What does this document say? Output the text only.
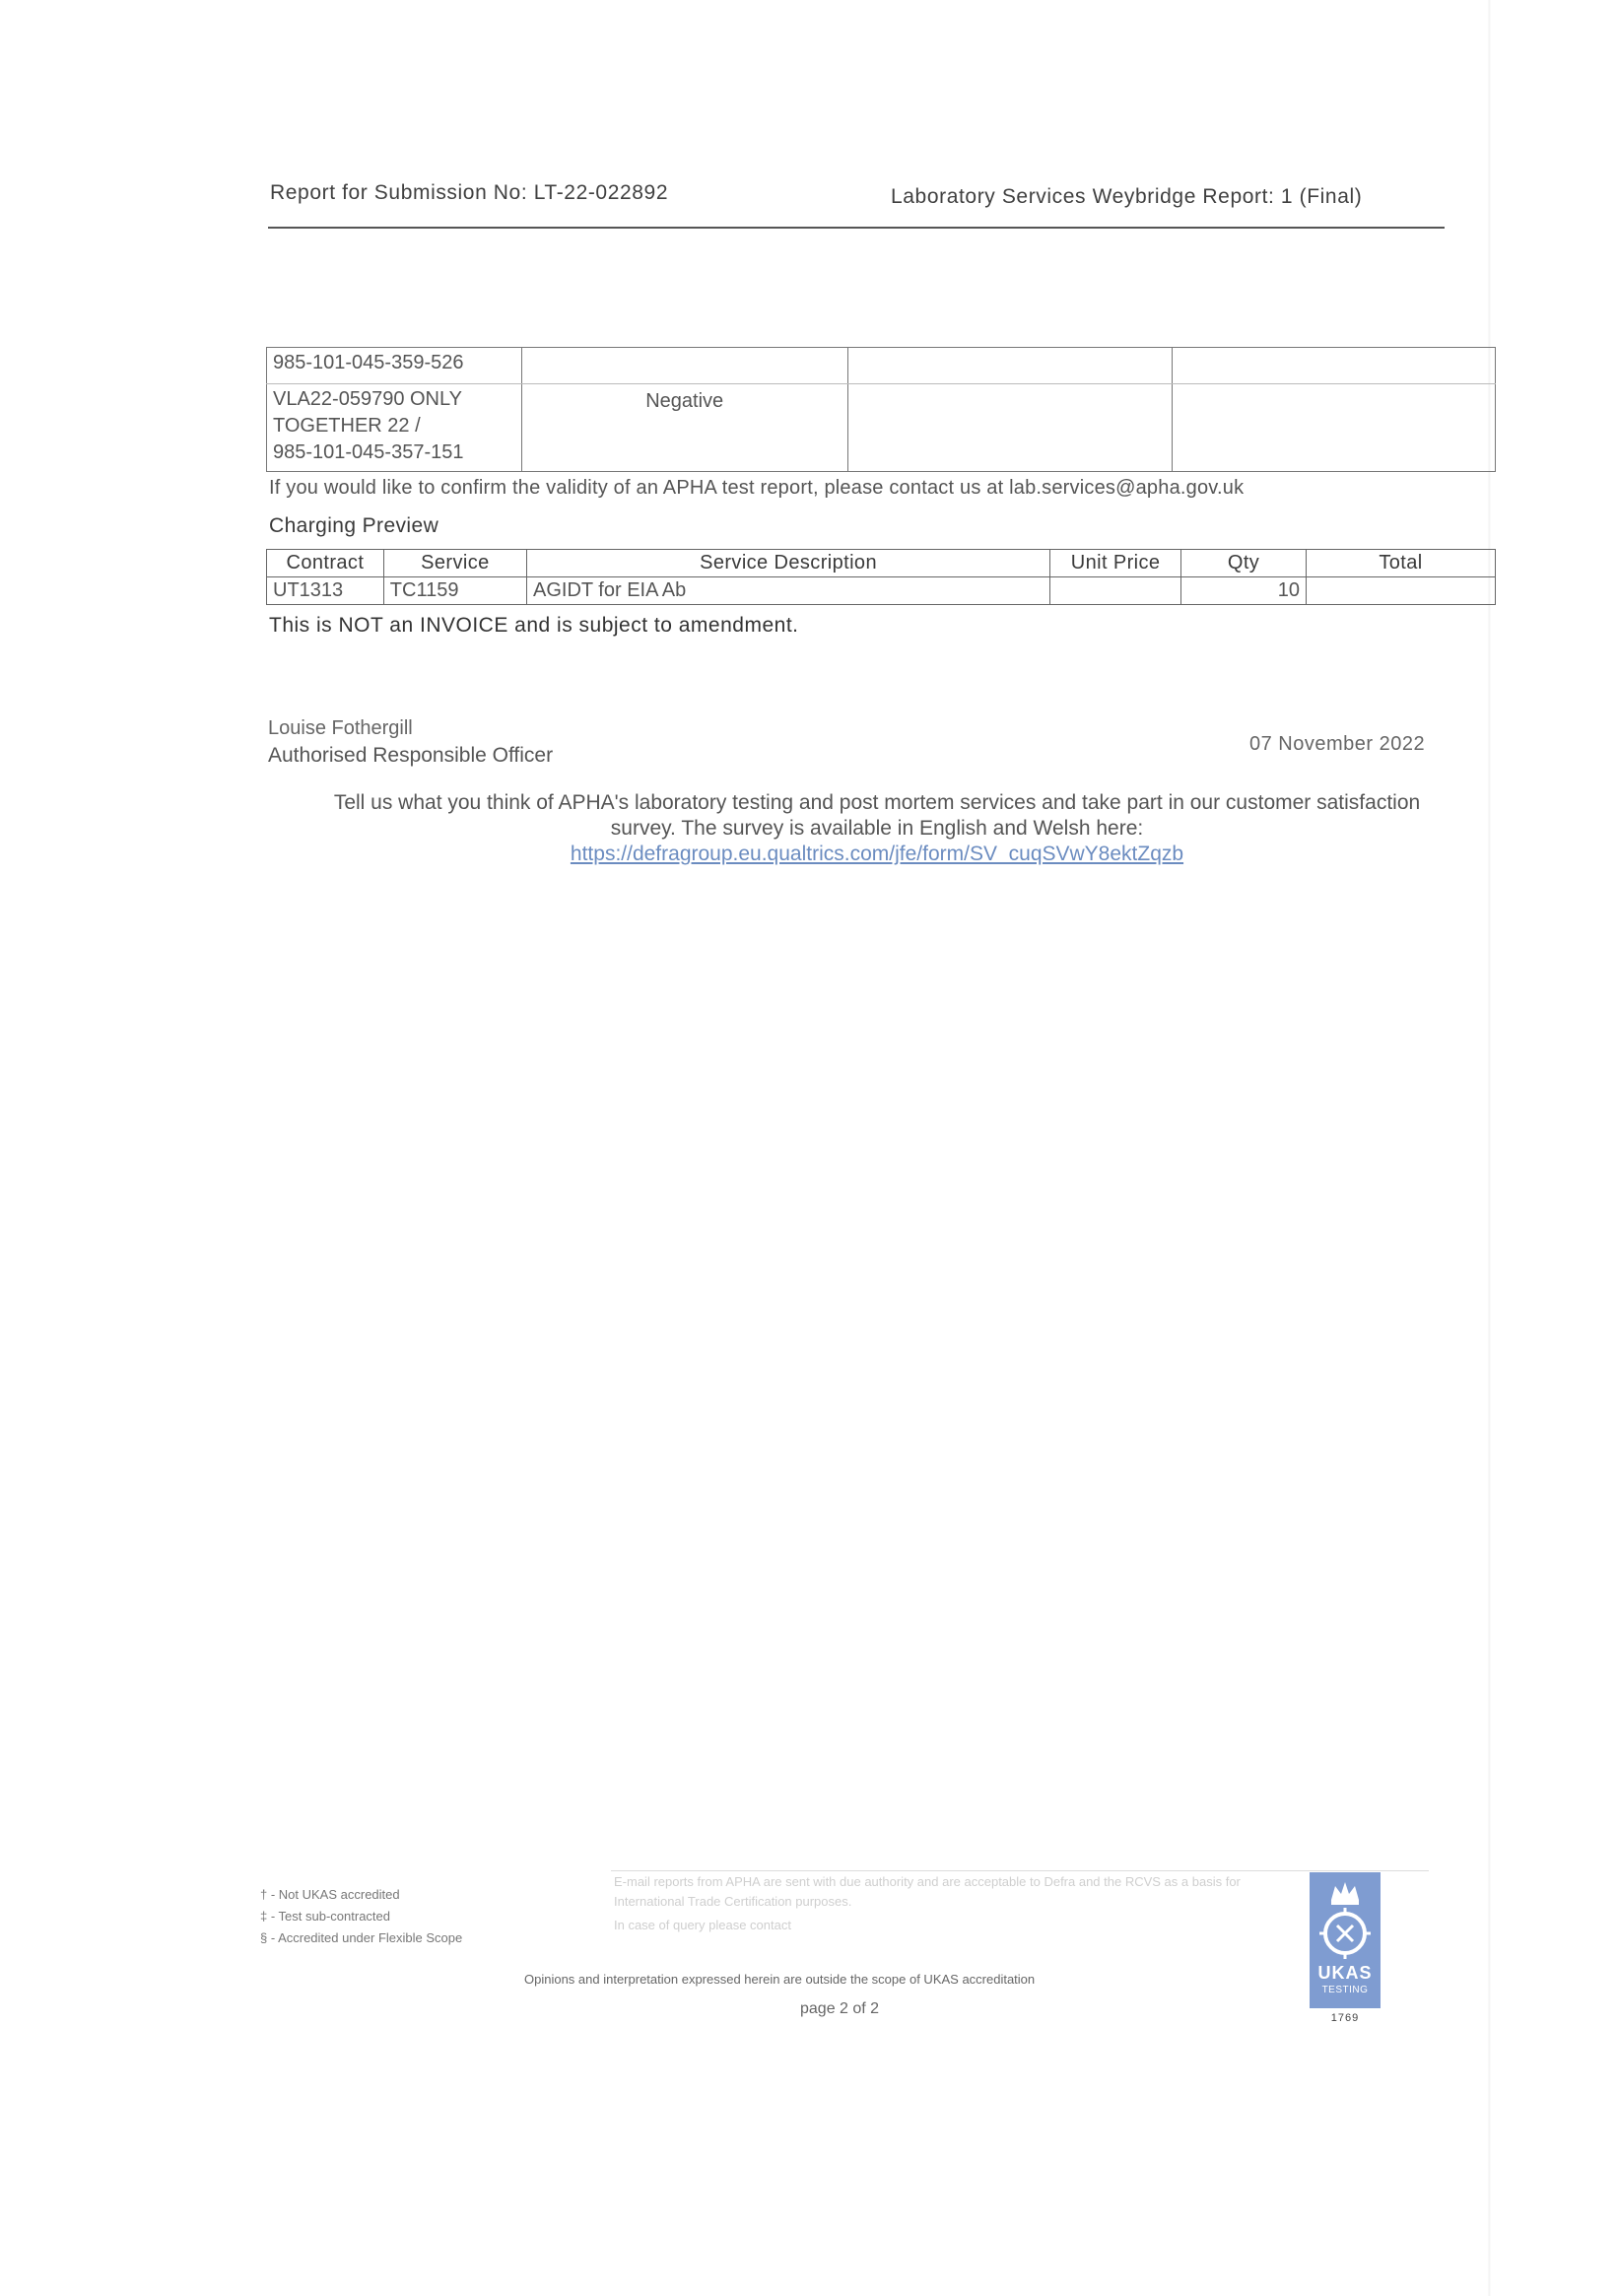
Report for Submission No: LT-22-022892	Laboratory Services Weybridge Report: 1 (Final)
985-101-045-359-526			

VLA22-059790 ONLY
TOGETHER 22 /
985-101-045-357-151	Negative		
If you would like to confirm the validity of an APHA test report, please contact us at lab.services@apha.gov.uk
Charging Preview
Contract	Service	Service Description	Unit Price	Qty	Total
UT1313	TC1159	AGIDT for EIA Ab		10	
This is NOT an INVOICE and is subject to amendment.
Louise Fothergill
Authorised Responsible Officer	07 November 2022
Tell us what you think of APHA's laboratory testing and post mortem services and take part in our customer satisfaction
survey. The survey is available in English and Welsh here:
https://defragroup.eu.qualtrics.com/jfe/form/SV_cuqSVwY8ektZqzb
† - Not UKAS accredited
‡ - Test sub-contracted
§ - Accredited under Flexible Scope

E-mail reports from APHA are sent with due authority and are acceptable to Defra and the RCVS as a basis for International Trade Certification purposes.

In case of query please contact

Opinions and interpretation expressed herein are outside the scope of UKAS accreditation
page 2 of 2
UKAS
TESTING
1769
